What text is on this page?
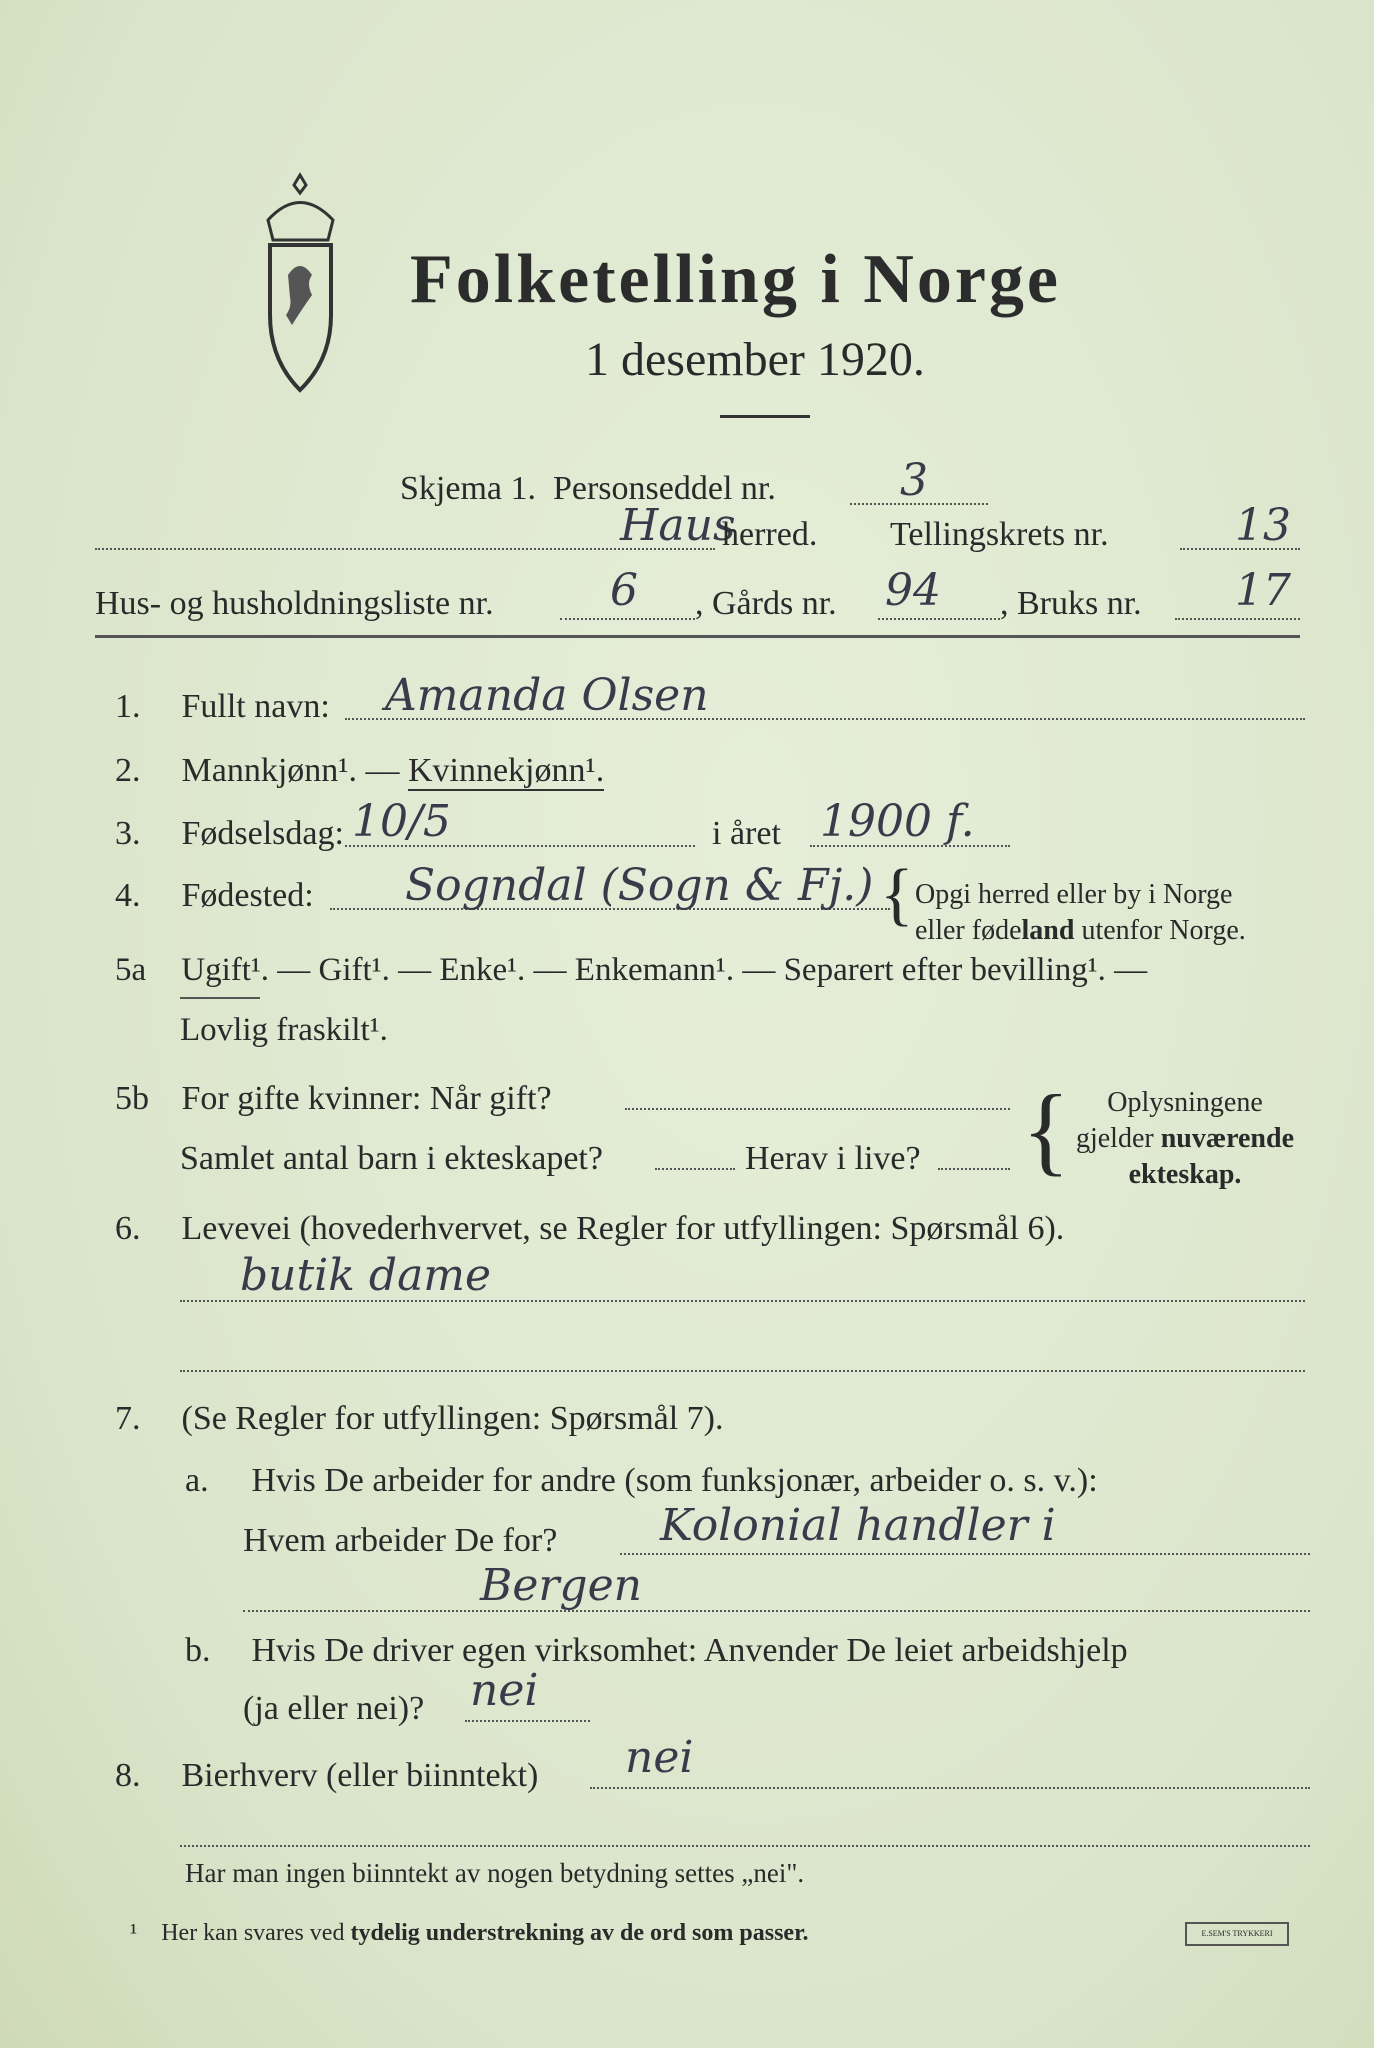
Folketelling i Norge
1 desember 1920.
Skjema 1. Personseddel nr.	3
Haus
herred. Tellingskrets nr.	13
Hus- og husholdningsliste nr.	6 , Gårds nr. 94 , Bruks nr. 17
1. Fullt navn: Amanda Olsen
2. Mannkjønn¹. — Kvinnekjønn¹.
3. Fødselsdag: 10/5	i året 1900 f.
4. Fødested: Sogndal (Sogn & Fj.) { Opgi herred eller by i Norge
eller fødeland utenfor Norge.
5a Ugift¹. — Gift¹. — Enke¹. — Enkemann¹. — Separert efter bevilling¹. —
Lovlig fraskilt¹.
5b For gifte kvinner: Når gift?
Samlet antal barn i ekteskapet?	Herav i live? {	Oplysningene
gjelder nuværende
ekteskap.
6. Levevei (hovederhvervet, se Regler for utfyllingen: Spørsmål 6).
butik dame
7. (Se Regler for utfyllingen: Spørsmål 7).
a. Hvis De arbeider for andre (som funksjonær, arbeider o. s. v.):
Hvem arbeider De for? Kolonial handler i
Bergen
b. Hvis De driver egen virksomhet: Anvender De leiet arbeidshjelp
(ja eller nei)? nei
8. Bierhverv (eller biinntekt) nei
Har man ingen biinntekt av nogen betydning settes „nei".
¹ Her kan svares ved tydelig understrekning av de ord som passer.	E.SEM'S TRYKKERI
